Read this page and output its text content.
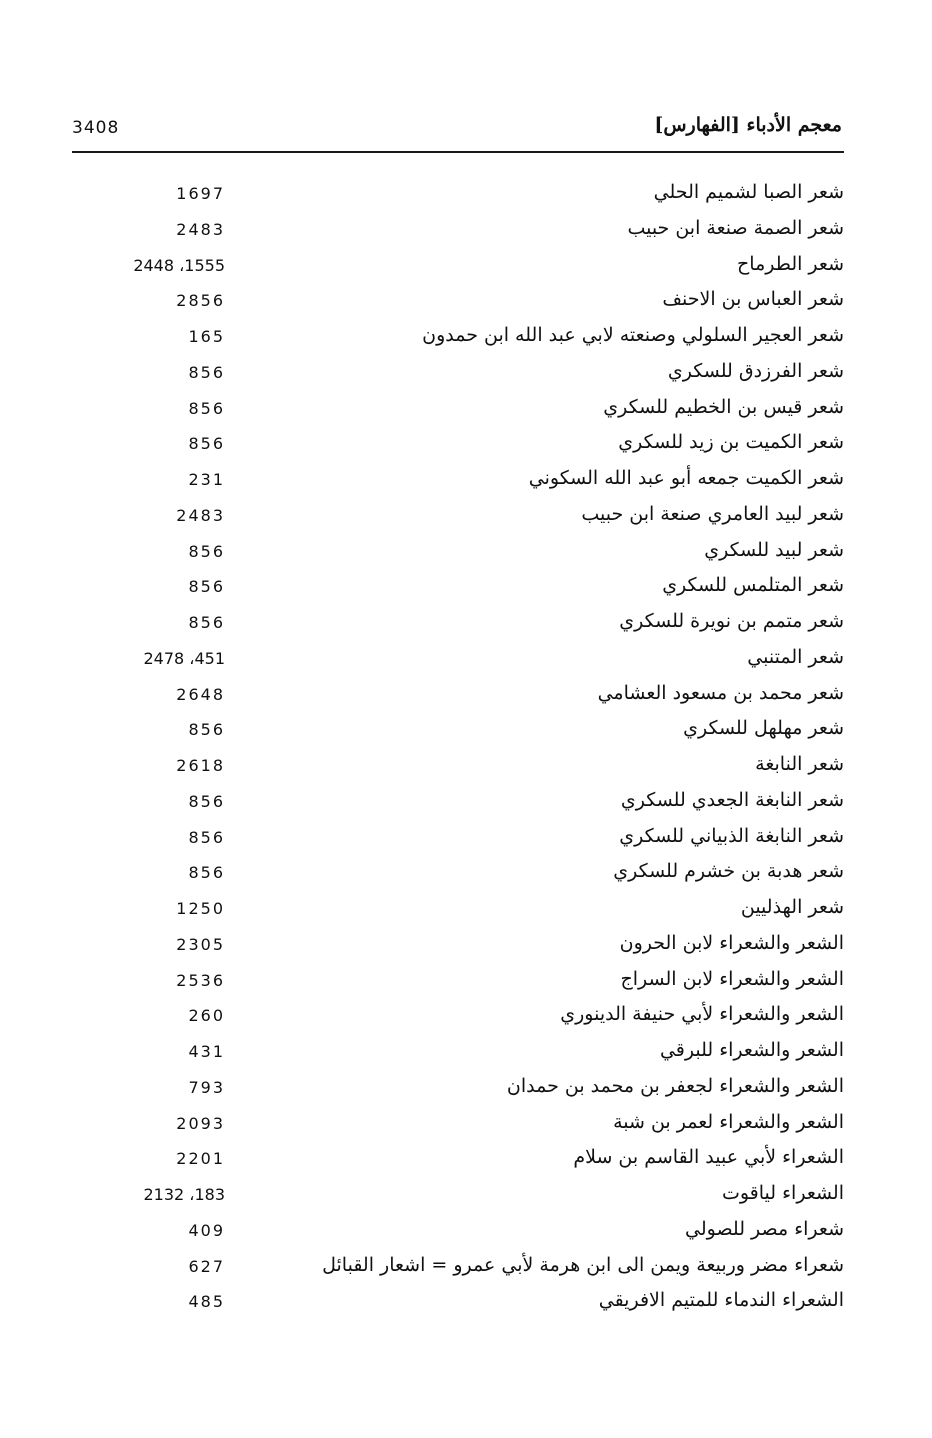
3408	معجم الأدباء [الفهارس]
شعر الصبا لشميم الحلي
1697
شعر الصمة صنعة ابن حبيب
2483
شعر الطرماح
2448 ،1555
شعر العباس بن الاحنف
2856
شعر العجير السلولي وصنعته لابي عبد الله ابن حمدون
165
شعر الفرزدق للسكري
856
شعر قيس بن الخطيم للسكري
856
شعر الكميت بن زيد للسكري
856
شعر الكميت جمعه أبو عبد الله السكوني
231
شعر لبيد العامري صنعة ابن حبيب
2483
شعر لبيد للسكري
856
شعر المتلمس للسكري
856
شعر متمم بن نويرة للسكري
856
شعر المتنبي
2478 ،451
شعر محمد بن مسعود العشامي
2648
شعر مهلهل للسكري
856
شعر النابغة
2618
شعر النابغة الجعدي للسكري
856
شعر النابغة الذبياني للسكري
856
شعر هدبة بن خشرم للسكري
856
شعر الهذليين
1250
الشعر والشعراء لابن الحرون
2305
الشعر والشعراء لابن السراج
2536
الشعر والشعراء لأبي حنيفة الدينوري
260
الشعر والشعراء للبرقي
431
الشعر والشعراء لجعفر بن محمد بن حمدان
793
الشعر والشعراء لعمر بن شبة
2093
الشعراء لأبي عبيد القاسم بن سلام
2201
الشعراء لياقوت
2132 ،183
شعراء مصر للصولي
409
شعراء مضر وربيعة ويمن الى ابن هرمة لأبي عمرو = اشعار القبائل
627
الشعراء الندماء للمتيم الافريقي
485
